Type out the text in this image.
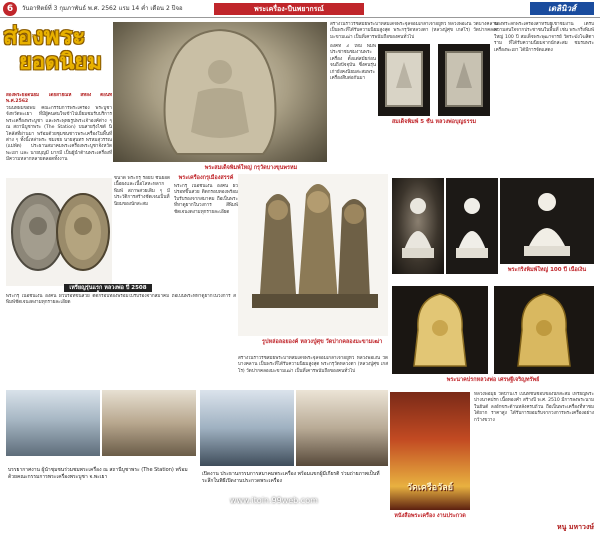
6	วันอาทิตย์ที่ 3 กุมภาพันธ์ พ.ศ. 2562 แรม 14 ค่ำ เดือน 2 ปีจอ	พระเครื่อง-ปืนพยากรณ์	เดลินิวส์
ส่องพระ
ยอดนิยม
ส่องพระยอดนิยม โดยสายัณห์ สีห์ลั้ง ตอนที่ พ.ศ.2562
วันนี้ที่ผมขอพบ คณะกรรมการพระเครื่อง พระบูชาจังหวัดพะเยา ที่มีผู้คนสนใจเข้าไปเยี่ยมชมรับบริการพระเครื่องพระบูชา และพระพุทธรูปพระเจ้าองค์ต่าง ๆ ณ สถานีบูชาพระ (The Station) บนสายรุ้งไซต์ นิโคลัสที่ผ่านมา พร้อมด้วยชุมชนชาวพระเครื่องในพื้นที่ต่าง ๆ ทั้งนี้เหล่าพระ ชมเชย นายสุนทร พรหมสุวรรณ (แม่พัด) ประธานสมาคมพระเครื่องพระบูชาจังหวัดพะเยา และ นายบุญมี มากมี เป็นผู้นำด้านพระเครื่องที่มีความหลากหลายตลอดทั้งงาน
พระสมเด็จพิมพ์ใหญ่ กรุวัดบางขุนพรหม
สร้างในราวรัชสมัยพระบาทสมเด็จพระจุลจอมเกล้าเจ้าอยู่หัว หลวงพ่อเงิน วัดบางคลาน เป็นพระที่ได้รับความนิยมสูงสุด พระกรุวัดหลวงตา (หลวงปู่ศุข เกสโร) วัดปากคลองมะขามเฒ่า เป็นที่เคารพนับถือของคนทั่วไป
องค์ที่ 3 ใหม่ พิมพ์ ประชาชนชมงานพระเครื่อง ตั้งแต่สมัยก่อนจนถึงปัจจุบัน ซึ่งคนรุ่นเก่ายังคงนิยมสะสมพระเครื่องสืบต่อกันมา
สมเด็จพิมพ์ 5 ชั้น หลวงพ่อบุญธรรม
ของที่ระลึกพระเครื่องสำหรับผู้เข้าชมงาน ได้รับความสนใจจากประชาชนในพื้นที่ เช่น พระกริ่งพิมพ์ใหญ่ 100 ปี สมเด็จพระพุฒาจารย์ วัดระฆังโฆสิตาราม ที่ได้รับความนิยมจากนักสะสม ชมรมพระเครื่องพะเยา ได้มีการจัดแสดง
เหรียญรุ่นแรก หลวงพ่อ ปี 2508
ขนาด พระกรุ ร้อยปี ชั้นยอด เนื้อผงและเนื้อโลหะหลากพิมพ์ สภาพสวยเดิม ๆ มีประวัติการสร้างชัดเจนเป็นที่นิยมของนักสะสม
พระเครื่องกรุเมืองสรรค์
พระกรุ เนื้อชินเงิน องค์นี้ ผิวปรอทขึ้นสวย ติดกรอบทองพร้อมใบรับรองจากสมาคม ถือเป็นพระที่หาดูยากในวงการ สีพิมพ์ชัดเจนงดงามทุกรายละเอียด
รูปหล่อลอยองค์ หลวงปู่ศุข วัดปากคลองมะขามเฒ่า
พระกริ่งพิมพ์ใหญ่ 100 ปี เนื้อเงิน
พระนาคปรกหลวงพ่อ เศรษฐีเจริญทรัพย์
พระกรุ เนื้อชินเงิน องค์นี้ ผิวปรอทขึ้นสวย ติดกรอบทองพร้อมใบรับรองจากสมาคม ถือเป็นพระที่หาดูยากในวงการ สีพิมพ์ชัดเจนงดงามทุกรายละเอียด
สร้างในราวรัชสมัยพระบาทสมเด็จพระจุลจอมเกล้าเจ้าอยู่หัว หลวงพ่อเงิน วัดบางคลาน เป็นพระที่ได้รับความนิยมสูงสุด พระกรุวัดหลวงตา (หลวงปู่ศุข เกสโร) วัดปากคลองมะขามเฒ่า เป็นที่เคารพนับถือของคนทั่วไป
บรรยากาศงาน ผู้นำชุมชนร่วมชมพระเครื่อง ณ สถานีบูชาพระ (The Station) พร้อมด้วยคณะกรรมการพระเครื่องพระบูชา จ.พะเยา	เปิดงาน ประธานกรรมการสมาคมพระเครื่อง พร้อมแขกผู้มีเกียรติ ร่วมถ่ายภาพเป็นที่ระลึกในพิธีเปิดงานประกวดพระเครื่อง
วัดเครือวัลย์
หนังสือพระเครื่อง งานประกวด
หลวงพ่อมุ่ย วัดบ้านไร่ เป็นที่ชื่นชอบของนักสะสม เหรียญพระปางนาคปรก เนื้อทองคำ สร้างปี พ.ศ. 2510 มีการลงพระนามในยันต์ ลงอักขระด้านหลังครบถ้วน ถือเป็นพระเครื่องที่หาชมได้ยาก ราคาสูง ได้รับการยอมรับจากวงการพระเครื่องอย่างกว้างขวาง
หนู มหาวงษ์
www.itoin.99web.com
